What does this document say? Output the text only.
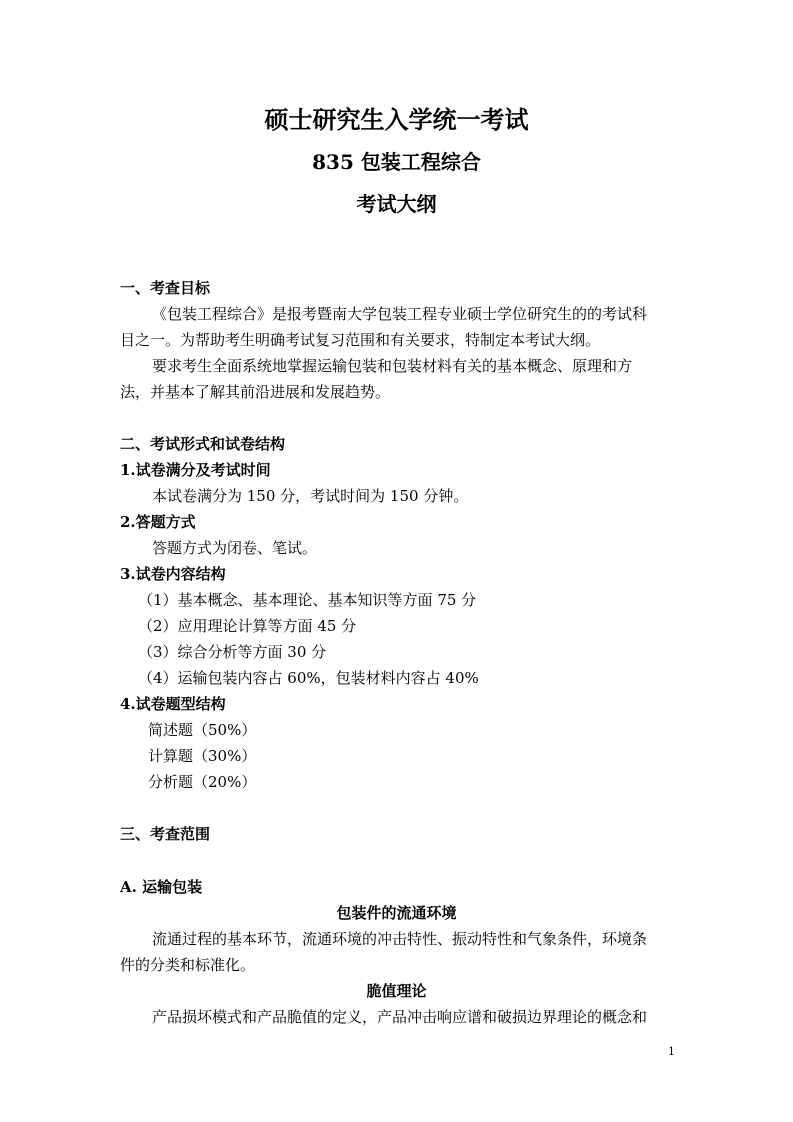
硕士研究生入学统一考试
835 包装工程综合
考试大纲
一、考查目标
《包装工程综合》是报考暨南大学包装工程专业硕士学位研究生的的考试科
目之一。为帮助考生明确考试复习范围和有关要求，特制定本考试大纲。
要求考生全面系统地掌握运输包装和包装材料有关的基本概念、原理和方
法，并基本了解其前沿进展和发展趋势。
二、考试形式和试卷结构
1.试卷满分及考试时间
本试卷满分为 150 分，考试时间为 150 分钟。
2.答题方式
答题方式为闭卷、笔试。
3.试卷内容结构
（1）基本概念、基本理论、基本知识等方面 75 分
（2）应用理论计算等方面 45 分
（3）综合分析等方面 30 分
（4）运输包装内容占 60%，包装材料内容占 40%
4.试卷题型结构
简述题（50%）
计算题（30%）
分析题（20%）
三、考查范围
A. 运输包装
包装件的流通环境
流通过程的基本环节，流通环境的冲击特性、振动特性和气象条件，环境条
件的分类和标准化。
脆值理论
产品损坏模式和产品脆值的定义，产品冲击响应谱和破损边界理论的概念和
1
